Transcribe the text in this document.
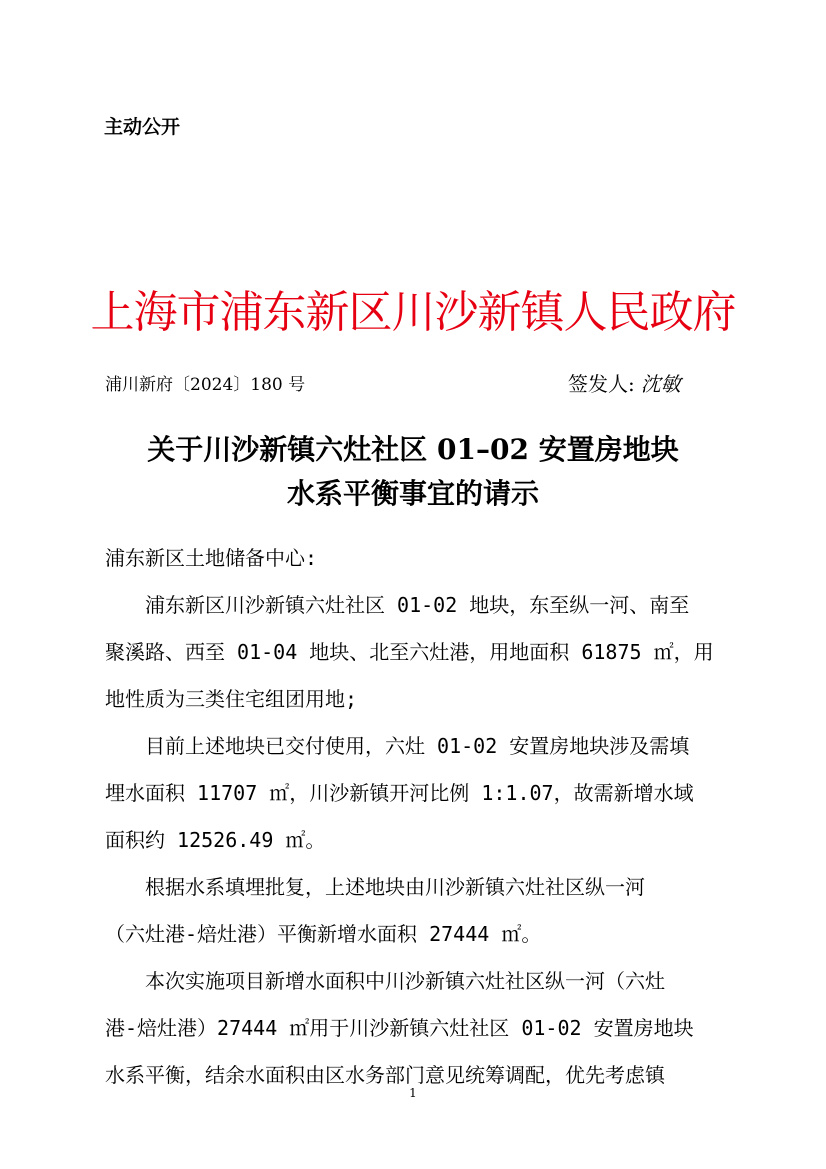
主动公开
上海市浦东新区川沙新镇人民政府
浦川新府〔2024〕180 号	签发人: 沈敏
关于川沙新镇六灶社区 01–02 安置房地块
水系平衡事宜的请示
浦东新区土地储备中心:
　　浦东新区川沙新镇六灶社区 01-02 地块，东至纵一河、南至
聚溪路、西至 01-04 地块、北至六灶港，用地面积 61875 ㎡，用
地性质为三类住宅组团用地;
　　目前上述地块已交付使用，六灶 01-02 安置房地块涉及需填
埋水面积 11707 ㎡，川沙新镇开河比例 1:1.07，故需新增水域
面积约 12526.49 ㎡。
　　根据水系填埋批复，上述地块由川沙新镇六灶社区纵一河
（六灶港-焙灶港）平衡新增水面积 27444 ㎡。
　　本次实施项目新增水面积中川沙新镇六灶社区纵一河（六灶
港-焙灶港）27444 ㎡用于川沙新镇六灶社区 01-02 安置房地块
水系平衡，结余水面积由区水务部门意见统筹调配，优先考虑镇
1
